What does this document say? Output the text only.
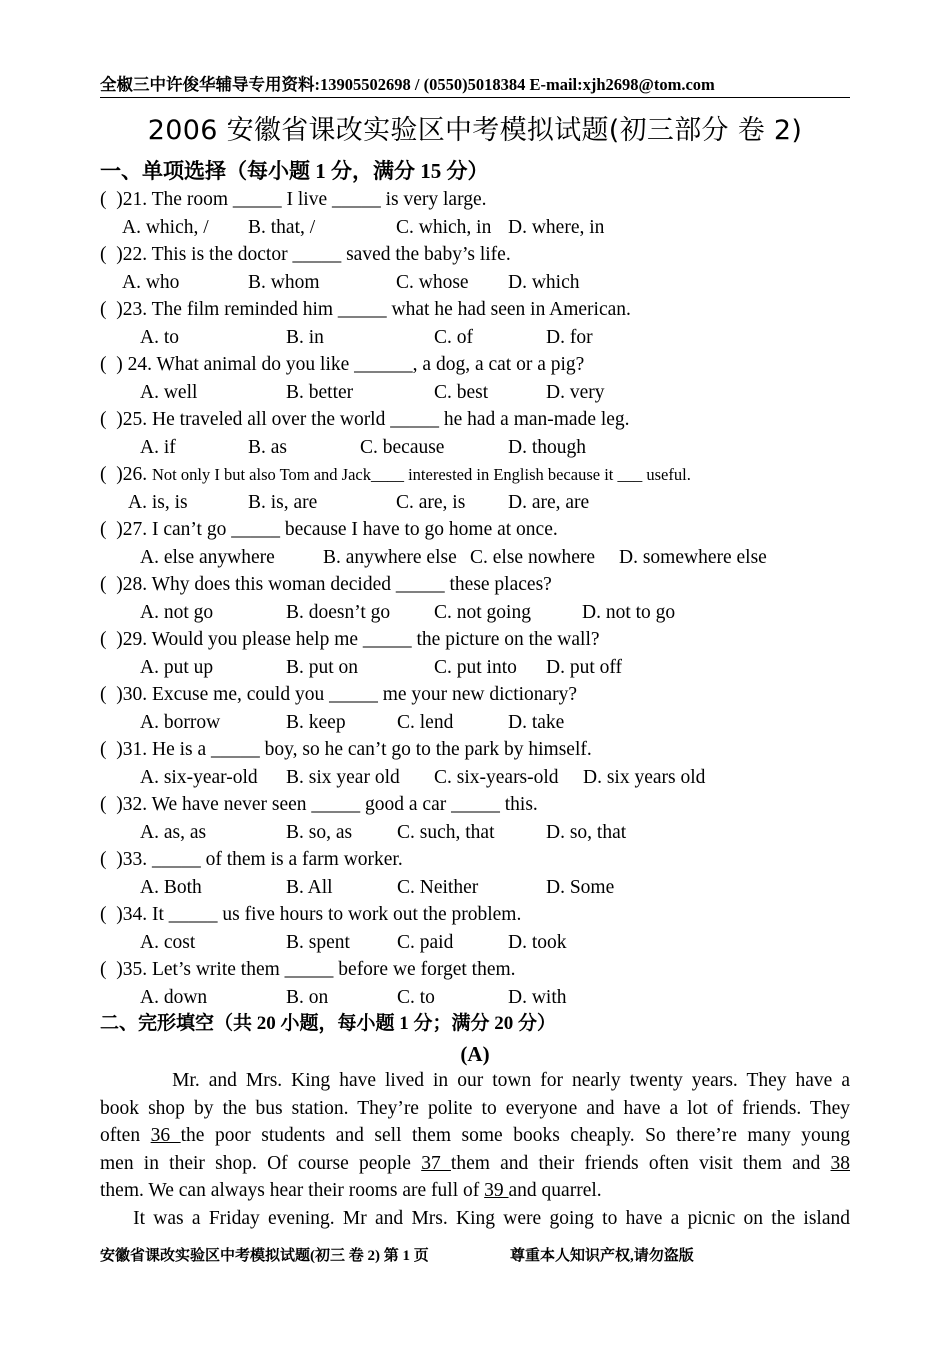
全椒三中许俊华辅导专用资料:13905502698 / (0550)5018384 E-mail:xjh2698@tom.com
2006 安徽省课改实验区中考模拟试题(初三部分 卷 2)
一、单项选择（每小题 1 分，满分 15 分）
(  )21. The room _____ I live _____ is very large.
A. which, / B. that, /	C. which, in D. where, in
(  )22. This is the doctor _____ saved the baby’s life.
A. who	B. whom	C. whose D. which
(  )23. The film reminded him _____ what he had seen in American.
A. to	B. in	C. of	D. for
(  ) 24. What animal do you like ______, a dog, a cat or a pig?
A. well	B. better	C. best	D. very
(  )25. He traveled all over the world _____ he had a man-made leg.
A. if	B. as	C. because	D. though
(  )26. Not only I but also Tom and Jack____ interested in English because it ___ useful.
A. is, is	B. is, are	C. are, is D. are, are
(  )27. I can’t go _____ because I have to go home at once.
A. else anywhere B. anywhere else C. else nowhere D. somewhere else
(  )28. Why does this woman decided _____ these places?
A. not go	B. doesn’t go C. not going	D. not to go
(  )29. Would you please help me _____ the picture on the wall?
A. put up	B. put on	C. put into D. put off
(  )30. Excuse me, could you _____ me your new dictionary?
A. borrow	B. keep	C. lend	D. take
(  )31. He is a _____ boy, so he can’t go to the park by himself.
A. six-year-old B. six year old C. six-years-old D. six years old
(  )32. We have never seen _____ good a car _____ this.
A. as, as	B. so, as C. such, that	D. so, that
(  )33. _____ of them is a farm worker.
A. Both	B. All	C. Neither	D. Some
(  )34. It _____ us five hours to work out the problem.
A. cost	B. spent C. paid	D. took
(  )35. Let’s write them _____ before we forget them.
A. down	B. on	C. to	D. with
二、完形填空（共 20 小题，每小题 1 分；满分 20 分）
(A)
Mr. and Mrs. King have lived in our town for nearly twenty years. They have a
book shop by the bus station. They’re polite to everyone and have a lot of friends. They
often 36 the poor students and sell them some books cheaply. So there’re many young
men in their shop. Of course people 37 them and their friends often visit them and 38
them. We can always hear their rooms are full of 39 and quarrel.
It was a Friday evening. Mr and Mrs. King were going to have a picnic on the island
安徽省课改实验区中考模拟试题(初三 卷 2) 第 1 页	尊重本人知识产权,请勿盗版
